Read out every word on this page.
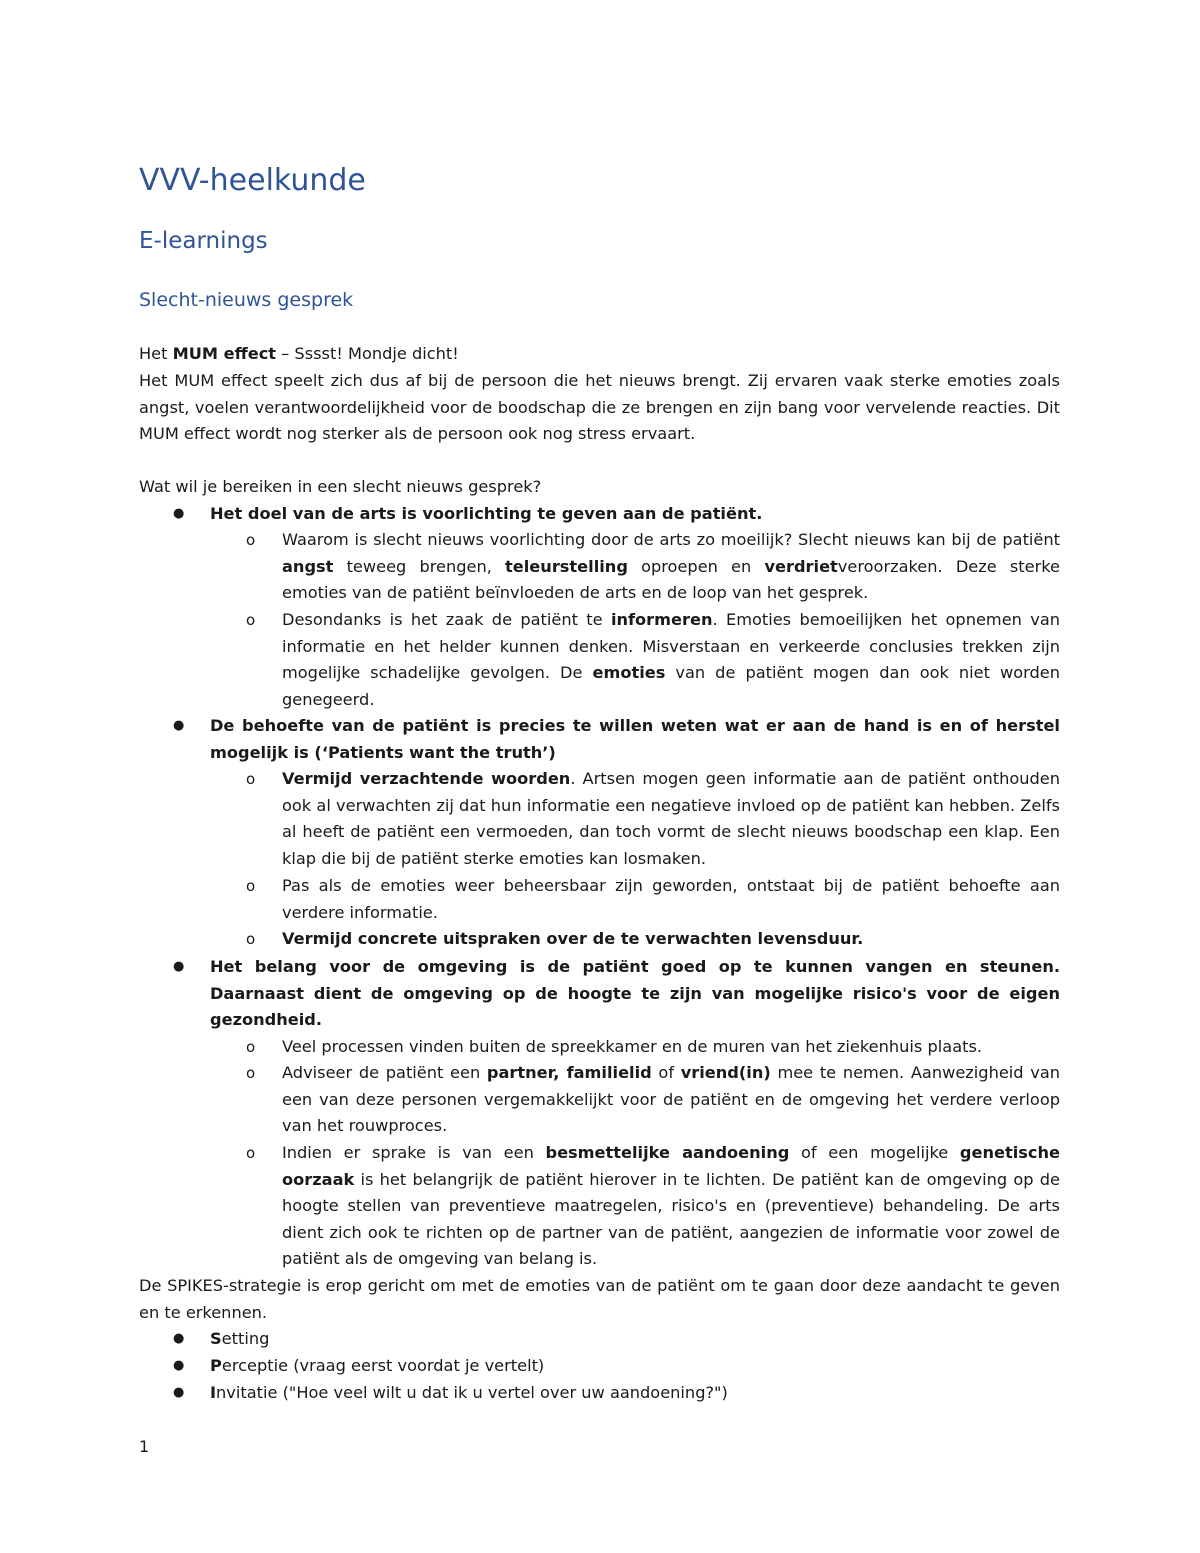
VVV-heelkunde
E-learnings
Slecht-nieuws gesprek

Het MUM effect – Sssst! Mondje dicht!

Het MUM effect speelt zich dus af bij de persoon die het nieuws brengt. Zij ervaren vaak sterke emoties zoals angst, voelen verantwoordelijkheid voor de boodschap die ze brengen en zijn bang voor vervelende reacties. Dit MUM effect wordt nog sterker als de persoon ook nog stress ervaart.

Wat wil je bereiken in een slecht nieuws gesprek?

● Het doel van de arts is voorlichting te geven aan de patiënt.

o Waarom is slecht nieuws voorlichting door de arts zo moeilijk? Slecht nieuws kan bij de patiënt angst teweeg brengen, teleurstelling oproepen en verdrietveroorzaken. Deze sterke emoties van de patiënt beïnvloeden de arts en de loop van het gesprek.

o Desondanks is het zaak de patiënt te informeren. Emoties bemoeilijken het opnemen van informatie en het helder kunnen denken. Misverstaan en verkeerde conclusies trekken zijn mogelijke schadelijke gevolgen. De emoties van de patiënt mogen dan ook niet worden genegeerd.

● De behoefte van de patiënt is precies te willen weten wat er aan de hand is en of herstel mogelijk is (‘Patients want the truth’)

o Vermijd verzachtende woorden. Artsen mogen geen informatie aan de patiënt onthouden ook al verwachten zij dat hun informatie een negatieve invloed op de patiënt kan hebben. Zelfs al heeft de patiënt een vermoeden, dan toch vormt de slecht nieuws boodschap een klap. Een klap die bij de patiënt sterke emoties kan losmaken.

o Pas als de emoties weer beheersbaar zijn geworden, ontstaat bij de patiënt behoefte aan verdere informatie.

o Vermijd concrete uitspraken over de te verwachten levensduur.

● Het belang voor de omgeving is de patiënt goed op te kunnen vangen en steunen. Daarnaast dient de omgeving op de hoogte te zijn van mogelijke risico's voor de eigen gezondheid.

o Veel processen vinden buiten de spreekkamer en de muren van het ziekenhuis plaats.

o Adviseer de patiënt een partner, familielid of vriend(in) mee te nemen. Aanwezigheid van een van deze personen vergemakkelijkt voor de patiënt en de omgeving het verdere verloop van het rouwproces.

o Indien er sprake is van een besmettelijke aandoening of een mogelijke genetische oorzaak is het belangrijk de patiënt hierover in te lichten. De patiënt kan de omgeving op de hoogte stellen van preventieve maatregelen, risico's en (preventieve) behandeling. De arts dient zich ook te richten op de partner van de patiënt, aangezien de informatie voor zowel de patiënt als de omgeving van belang is.

De SPIKES-strategie is erop gericht om met de emoties van de patiënt om te gaan door deze aandacht te geven en te erkennen.

● Setting

● Perceptie (vraag eerst voordat je vertelt)

● Invitatie ("Hoe veel wilt u dat ik u vertel over uw aandoening?")

1
